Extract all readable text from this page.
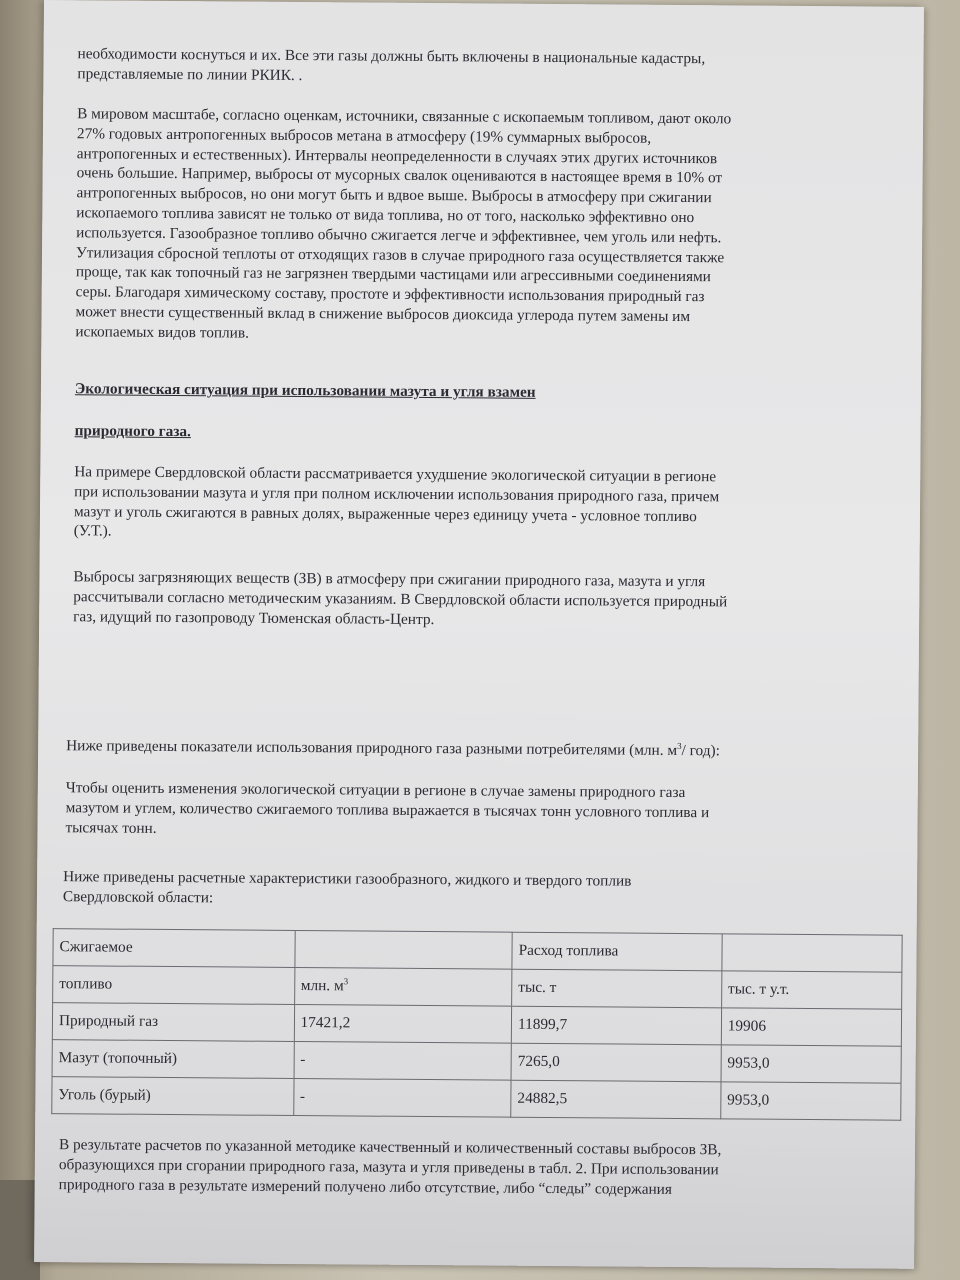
необходимости коснуться и их. Все эти газы должны быть включены в национальные кадастры,
представляемые по линии РКИК. .

В мировом масштабе, согласно оценкам, источники, связанные с ископаемым топливом, дают около
27% годовых антропогенных выбросов метана в атмосферу (19% суммарных выбросов,
антропогенных и естественных). Интервалы неопределенности в случаях этих других источников
очень большие. Например, выбросы от мусорных свалок оцениваются в настоящее время в 10% от
антропогенных выбросов, но они могут быть и вдвое выше. Выбросы в атмосферу при сжигании
ископаемого топлива зависят не только от вида топлива, но от того, насколько эффективно оно
используется. Газообразное топливо обычно сжигается легче и эффективнее, чем уголь или нефть.
Утилизация сбросной теплоты от отходящих газов в случае природного газа осуществляется также
проще, так как топочный газ не загрязнен твердыми частицами или агрессивными соединениями
серы. Благодаря химическому составу, простоте и эффективности использования природный газ
может внести существенный вклад в снижение выбросов диоксида углерода путем замены им
ископаемых видов топлив.

Экологическая ситуация при использовании мазута и угля взамен
природного газа.

На примере Свердловской области рассматривается ухудшение экологической ситуации в регионе
при использовании мазута и угля при полном исключении использования природного газа, причем
мазут и уголь сжигаются в равных долях, выраженные через единицу учета - условное топливо
(У.Т.).

Выбросы загрязняющих веществ (ЗВ) в атмосферу при сжигании природного газа, мазута и угля
рассчитывали согласно методическим указаниям. В Свердловской области используется природный
газ, идущий по газопроводу Тюменская область-Центр.

Ниже приведены показатели использования природного газа разными потребителями (млн. $м^3/$ год):

Чтобы оценить изменения экологической ситуации в регионе в случае замены природного газа
мазутом и углем, количество сжигаемого топлива выражается в тысячах тонн условного топлива и
тысячах тонн.

Ниже приведены расчетные характеристики газообразного, жидкого и твердого топлив
Свердловской области:

Сжигаемое		Расход топлива	
топливо	млн. $м^3$	тыс. т	тыс. т у.т.
Природный газ	17421,2	11899,7	19906
Мазут (топочный)	-	7265,0	9953,0
Уголь (бурый)	-	24882,5	9953,0

В результате расчетов по указанной методике качественный и количественный составы выбросов ЗВ,
образующихся при сгорании природного газа, мазута и угля приведены в табл. 2. При использовании
природного газа в результате измерений получено либо отсутствие, либо “следы” содержания
